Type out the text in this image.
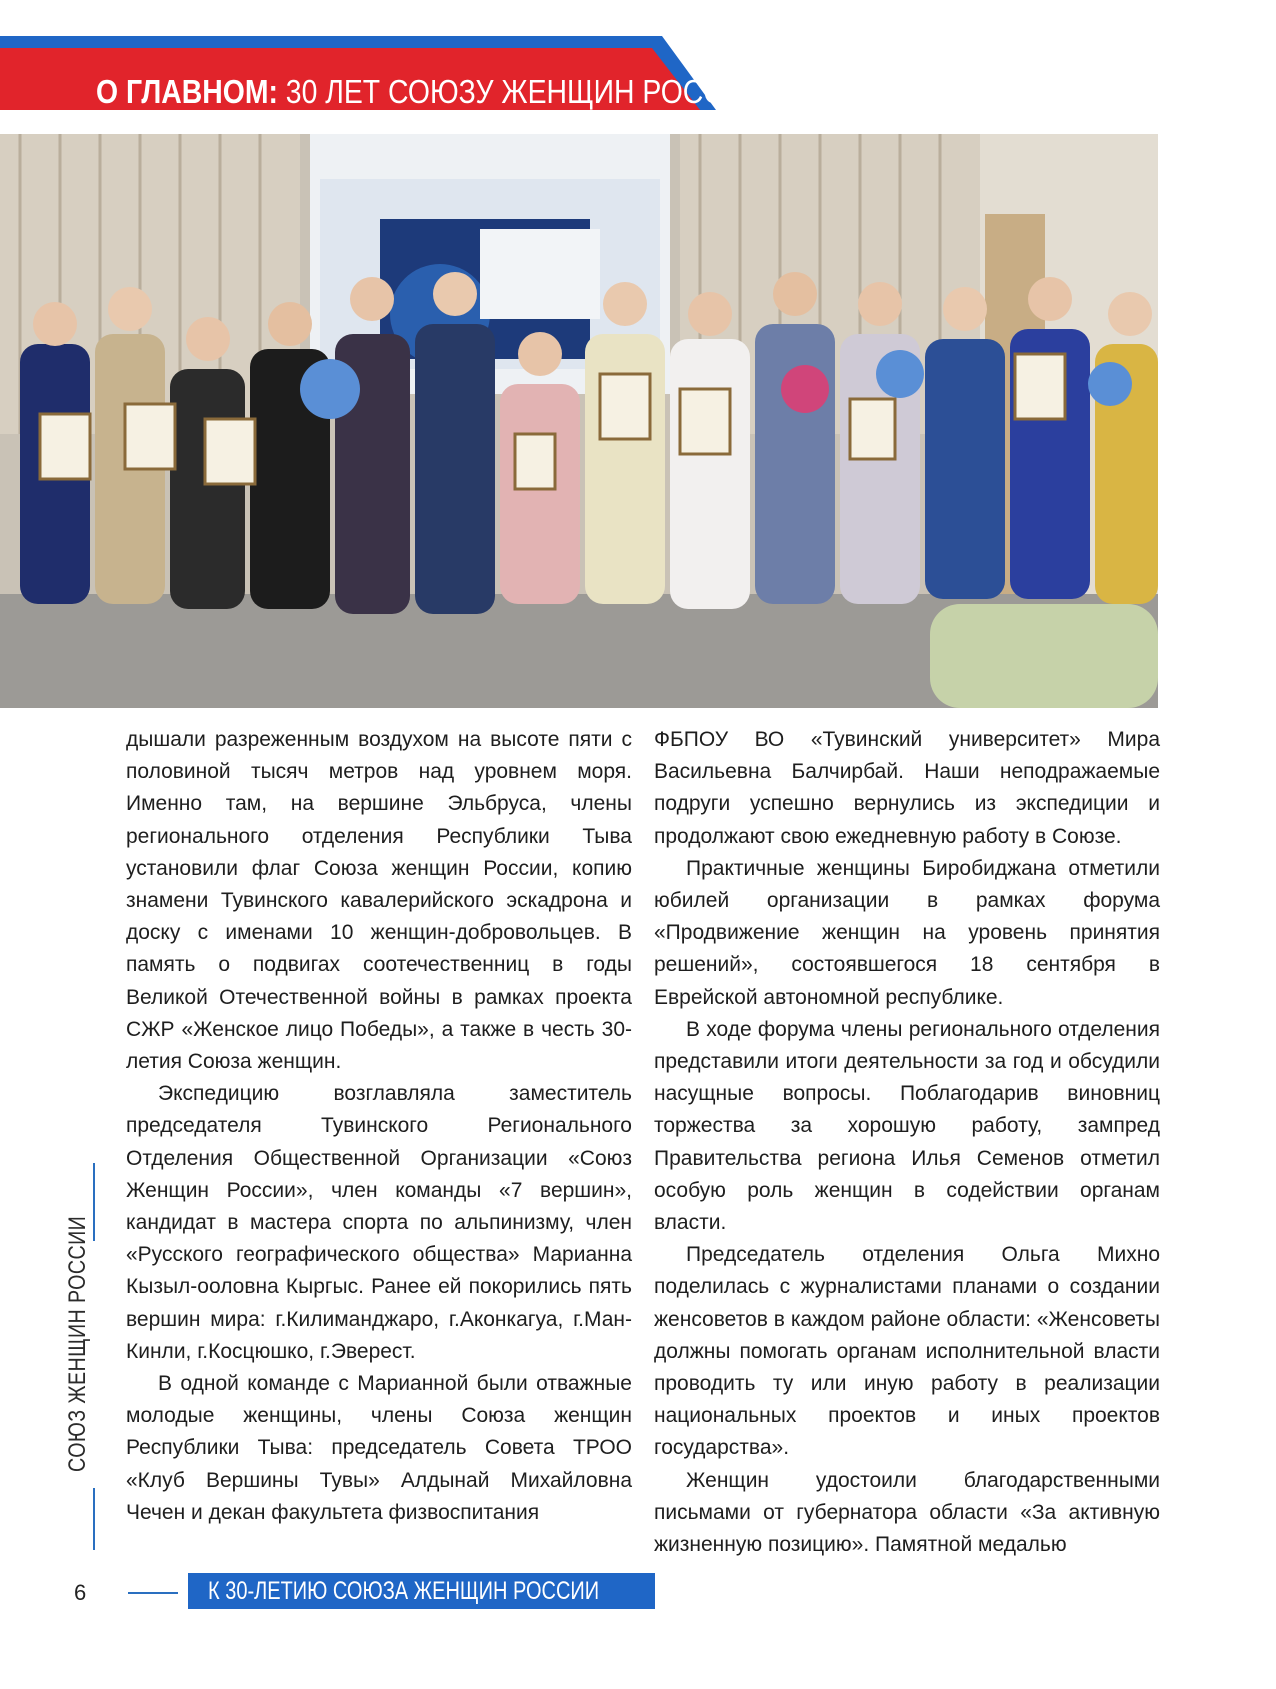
О ГЛАВНОМ: 30 ЛЕТ СОЮЗУ ЖЕНЩИН РОССИИ

дышали разреженным воздухом на высоте пяти с половиной тысяч метров над уровнем моря. Именно там, на вершине Эльбруса, члены регионального отделения Республики Тыва установили флаг Союза женщин России, копию знамени Тувинского кавалерийского эскадрона и доску с именами 10 женщин-добровольцев. В память о подвигах соотечественниц в годы Великой Отечественной войны в рамках проекта СЖР «Женское лицо Победы», а также в честь 30-летия Союза женщин.

Экспедицию возглавляла заместитель председателя Тувинского Регионального Отделения Общественной Организации «Союз Женщин России», член команды «7 вершин», кандидат в мастера спорта по альпинизму, член «Русского географического общества» Марианна Кызыл-ооловна Кыргыс. Ранее ей покорились пять вершин мира: г.Килиманджаро, г.Аконкагуа, г.Ман-Кинли, г.Косцюшко, г.Эверест.

В одной команде с Марианной были отважные молодые женщины, члены Союза женщин Республики Тыва: председатель Совета ТРОО «Клуб Вершины Тувы» Алдынай Михайловна Чечен и декан факультета физвоспитания

ФБПОУ ВО «Тувинский университет» Мира Васильевна Балчирбай. Наши неподражаемые подруги успешно вернулись из экспедиции и продолжают свою ежедневную работу в Союзе.

Практичные женщины Биробиджана отметили юбилей организации в рамках форума «Продвижение женщин на уровень принятия решений», состоявшегося 18 сентября в Еврейской автономной республике.

В ходе форума члены регионального отделения представили итоги деятельности за год и обсудили насущные вопросы. Поблагодарив виновниц торжества за хорошую работу, зампред Правительства региона Илья Семенов отметил особую роль женщин в содействии органам власти.

Председатель отделения Ольга Михно поделилась с журналистами планами о создании женсоветов в каждом районе области: «Женсоветы должны помогать органам исполнительной власти проводить ту или иную работу в реализации национальных проектов и иных проектов государства».

Женщин удостоили благодарственными письмами от губернатора области «За активную жизненную позицию». Памятной медалью

СОЮЗ ЖЕНЩИН РОССИИ
6	К 30-ЛЕТИЮ СОЮЗА ЖЕНЩИН РОССИИ
